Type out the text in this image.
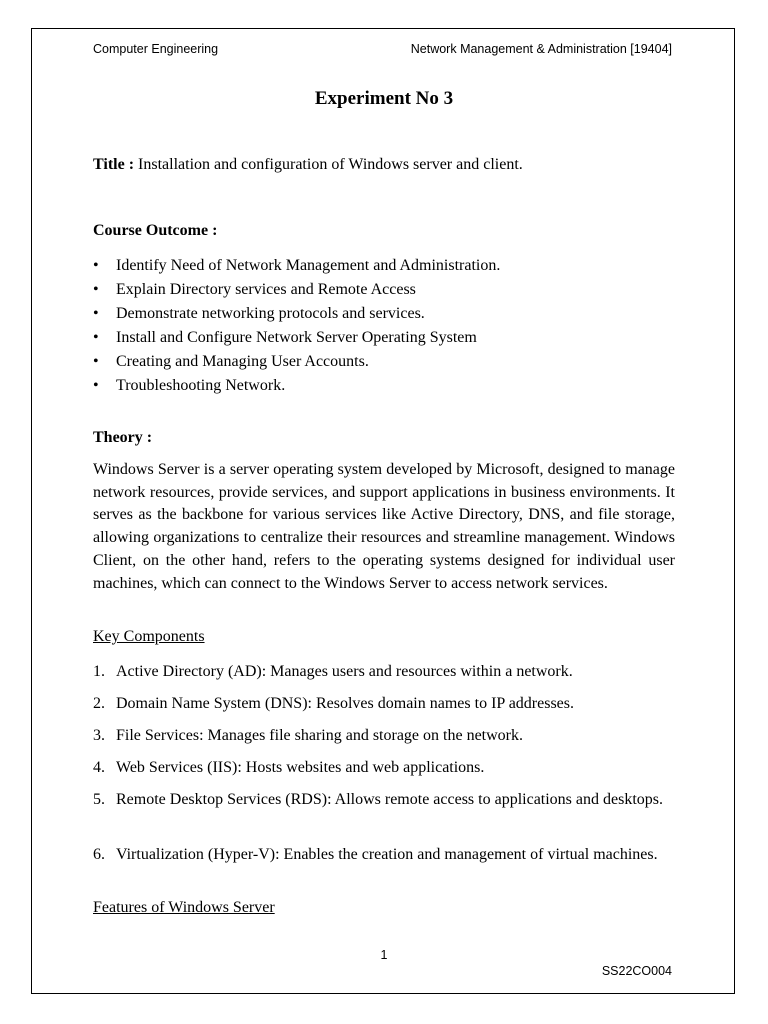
Computer Engineering	Network Management & Administration [19404]
Experiment No 3
Title : Installation and configuration of Windows server and client.
Course Outcome :
•	Identify Need of Network Management and Administration.
•	Explain Directory services and Remote Access
•	Demonstrate networking protocols and services.
•	Install and Configure Network Server Operating System
•	Creating and Managing User Accounts.
•	Troubleshooting Network.
Theory :

Windows Server is a server operating system developed by Microsoft, designed to manage network resources, provide services, and support applications in business environments. It serves as the backbone for various services like Active Directory, DNS, and file storage, allowing organizations to centralize their resources and streamline management. Windows Client, on the other hand, refers to the operating systems designed for individual user machines, which can connect to the Windows Server to access network services.

Key Components
1. Active Directory (AD): Manages users and resources within a network.
2. Domain Name System (DNS): Resolves domain names to IP addresses.
3. File Services: Manages file sharing and storage on the network.
4. Web Services (IIS): Hosts websites and web applications.
5. Remote Desktop Services (RDS): Allows remote access to applications and desktops.
6. Virtualization (Hyper-V): Enables the creation and management of virtual machines.
Features of Windows Server
1
SS22CO004
